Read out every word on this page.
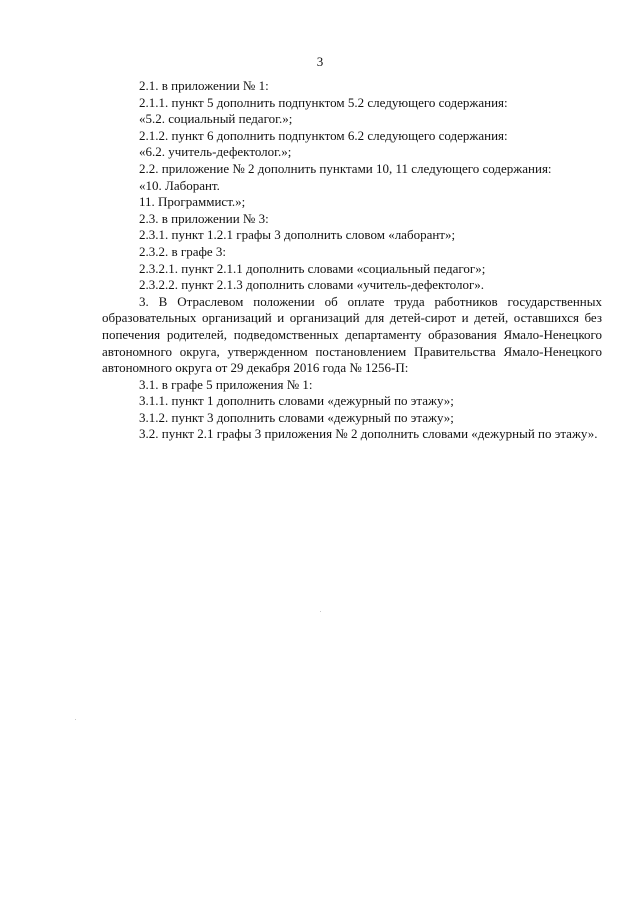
3

2.1. в приложении № 1:

2.1.1. пункт 5 дополнить подпунктом 5.2 следующего содержания:

«5.2. социальный педагог.»;

2.1.2. пункт 6 дополнить подпунктом 6.2 следующего содержания:

«6.2. учитель-дефектолог.»;

2.2. приложение № 2 дополнить пунктами 10, 11 следующего содержания:

«10. Лаборант.

11. Программист.»;

2.3. в приложении № 3:

2.3.1. пункт 1.2.1 графы 3 дополнить словом «лаборант»;

2.3.2. в графе 3:

2.3.2.1. пункт 2.1.1 дополнить словами «социальный педагог»;

2.3.2.2. пункт 2.1.3 дополнить словами «учитель-дефектолог».

3. В Отраслевом положении об оплате труда работников государственных образовательных организаций и организаций для детей-сирот и детей, оставшихся без попечения родителей, подведомственных департаменту образования Ямало-Ненецкого автономного округа, утвержденном постановлением Правительства Ямало-Ненецкого автономного округа от 29 декабря 2016 года № 1256-П:

3.1. в графе 5 приложения № 1:

3.1.1. пункт 1 дополнить словами «дежурный по этажу»;

3.1.2. пункт 3 дополнить словами «дежурный по этажу»;

3.2. пункт 2.1 графы 3 приложения № 2 дополнить словами «дежурный по этажу».
